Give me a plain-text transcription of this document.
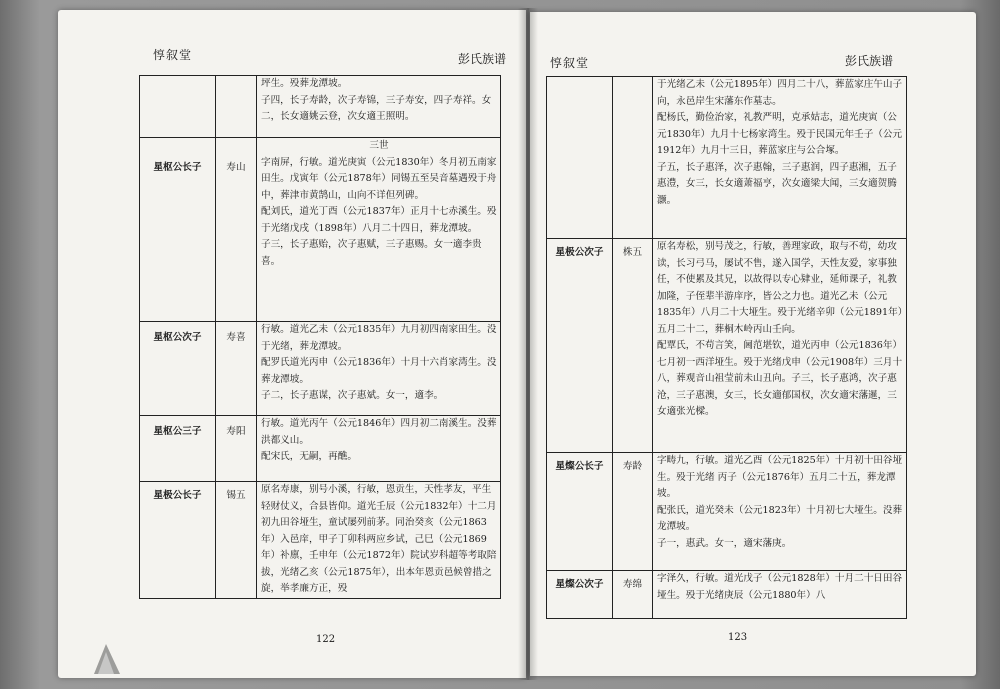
惇叙堂	彭氏族谱

		坪生。殁葬龙潭坡。
子四，长子寿龄，次子寿锦，三子寿安，四子寿祥。女二，长女適姚云登，次女適王照明。

星枢公长子	寿山	三世
字南屏，行敏。道光庚寅（公元1830年）冬月初五南家田生。戊寅年（公元1878年）同锡五至吴音墓遇殁于舟中，葬津市黄鹄山，山向不详但列碑。
配刘氏，道光丁酉（公元1837年）正月十七赤溪生。殁于光绪戊戌（1898年）八月二十四日，葬龙潭坡。
子三，长子惠贻，次子惠赋，三子惠赐。女一適李贵喜。

星枢公次子	寿喜	行敏。道光乙未（公元1835年）九月初四南家田生。没于光绪，葬龙潭坡。
配罗氏道光丙申（公元1836年）十月十六肖家湾生。没葬龙潭坡。
子二，长子惠谋，次子惠斌。女一，適李。

星枢公三子	寿阳	行敏。道光丙午（公元1846年）四月初二南溪生。没葬洪都义山。
配宋氏，无嗣，再醮。

星极公长子	锡五	原名寿康，别号小溪，行敏，恩贡生，天性孝友，平生轻财仗义，合县皆仰。道光壬辰（公元1832年）十二月初九田谷垭生，童试屡列前茅。同治癸亥（公元1863年）入邑庠，甲子丁卯科两应乡试，己巳（公元1869年）补廪，壬申年（公元1872年）院试岁科超等考取陪拔，光绪乙亥（公元1875年），出本年恩贡邑候曾措之旋，举孝廉方正，殁
122
惇叙堂	彭氏族谱

		于光绪乙未（公元1895年）四月二十八，葬蓝家庄午山子向，永邑岸生宋藩东作墓志。
配杨氏，勤俭治家，礼教严明，克承姑志，道光庚寅（公元1830年）九月十七杨家湾生。殁于民国元年壬子（公元1912年）九月十三日，葬蓝家庄与公合塚。
子五，长子惠泽，次子惠翰，三子惠润，四子惠湘，五子惠澧，女三，长女適萧福亨，次女適梁大闻，三女適贺腾灏。

星极公次子	株五	原名寿松，别号茂之，行敏，善理家政，取与不苟，幼攻读，长习弓马，屡试不售，遂入国学，天性友爱，家事独任，不使累及其兄，以故得以专心肄业，延师课子，礼教加隆，子侄辈半游庠序，皆公之力也。道光乙未（公元1835年）八月二十大垭生。殁于光绪辛卯（公元1891年）五月二十二，葬桐木岭丙山壬向。
配覃氏，不苟言笑，阃范堪钦，道光丙申（公元1836年）七月初一西洋垭生。殁于光绪戊申（公元1908年）三月十八，葬观音山祖莹前未山丑向。子三，长子惠鸿，次子惠沧，三子惠澳，女三，长女適郁国权，次女適宋藩暹，三女適张光樑。

星燦公长子	寿龄	字畴九，行敏。道光乙酉（公元1825年）十月初十田谷垭生。殁于光绪 丙子（公元1876年）五月二十五，葬龙潭坡。
配张氏，道光癸未（公元1823年）十月初七大垭生。没葬龙潭坡。
子一，惠武。女一，適宋藩庚。

星燦公次子	寿绵	字泽久，行敏。道光戊子（公元1828年）十月二十日田谷垭生。殁于光绪庚辰（公元1880年）八
123
